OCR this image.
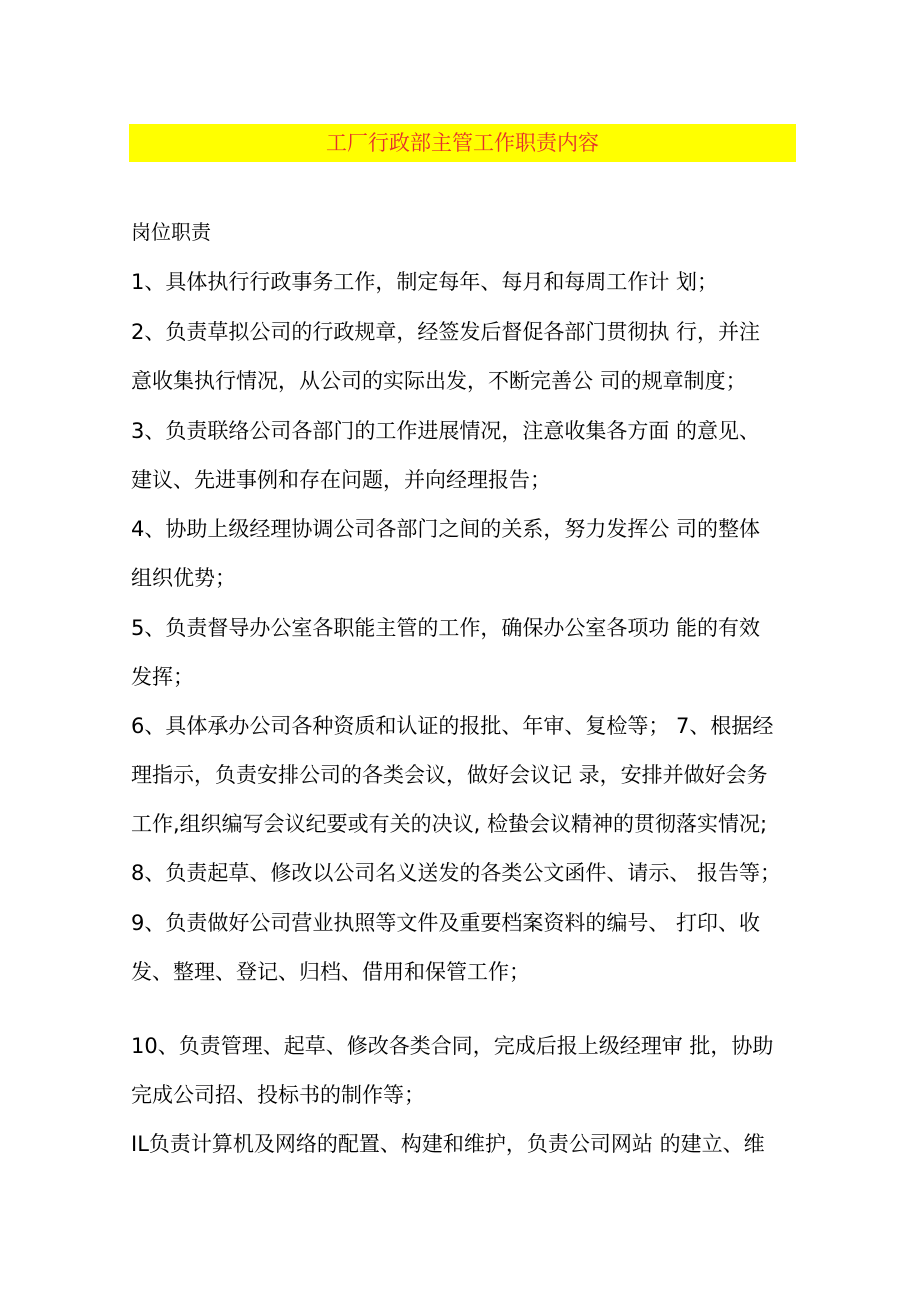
工厂行政部主管工作职责内容
岗位职责
1、具体执行行政事务工作，制定每年、每月和每周工作计 划；
2、负责草拟公司的行政规章，经签发后督促各部门贯彻执 行，并注
意收集执行情况，从公司的实际出发，不断完善公 司的规章制度；
3、负责联络公司各部门的工作进展情况，注意收集各方面 的意见、
建议、先进事例和存在问题，并向经理报告；
4、协助上级经理协调公司各部门之间的关系，努力发挥公 司的整体
组织优势；
5、负责督导办公室各职能主管的工作，确保办公室各项功 能的有效
发挥；
6、具体承办公司各种资质和认证的报批、年审、复检等； 7、根据经
理指示，负责安排公司的各类会议，做好会议记 录，安排并做好会务
工作,组织编写会议纪要或有关的决议, 检蛰会议精神的贯彻落实情况;
8、负责起草、修改以公司名义送发的各类公文函件、请示、 报告等；
9、负责做好公司营业执照等文件及重要档案资料的编号、 打印、收
发、整理、登记、归档、借用和保管工作；
10、负责管理、起草、修改各类合同，完成后报上级经理审 批，协助
完成公司招、投标书的制作等；
IL负责计算机及网络的配置、构建和维护，负责公司网站 的建立、维
